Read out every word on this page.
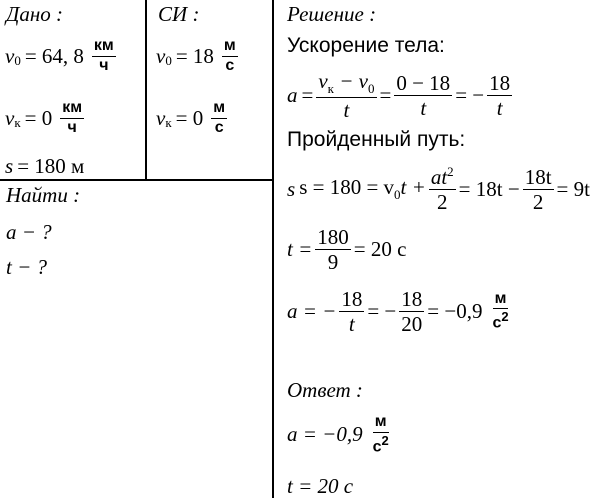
Дано :
$v_0 = 64$, $8 \frac{км}{ч}$
$v_к = 0 \frac{км}{ч}$
s = 180 м
Найти :
a − ?
t − ?
СИ :
$v_0 = 18 \frac{м}{с}$
$v_к = 0 \frac{м}{с}$
Решение :
Ускорение тела:
$a = \frac{v_к - v_0}{t} = \frac{0 - 18}{t}$ = − $\frac{18}{t}$
Пройденный путь:
s $s = 180 = v_0t + \frac{at^2}{2} = 18t - \frac{18t}{2} = 9t$
$t = \frac{180}{9} = 20$ с
a = − $\frac{18}{t}$ = − $\frac{18}{20} = -0,9 \frac{м}{с^2}$
Ответ :
$a = -0,9 \frac{м}{с^2}$
t = 20 с
